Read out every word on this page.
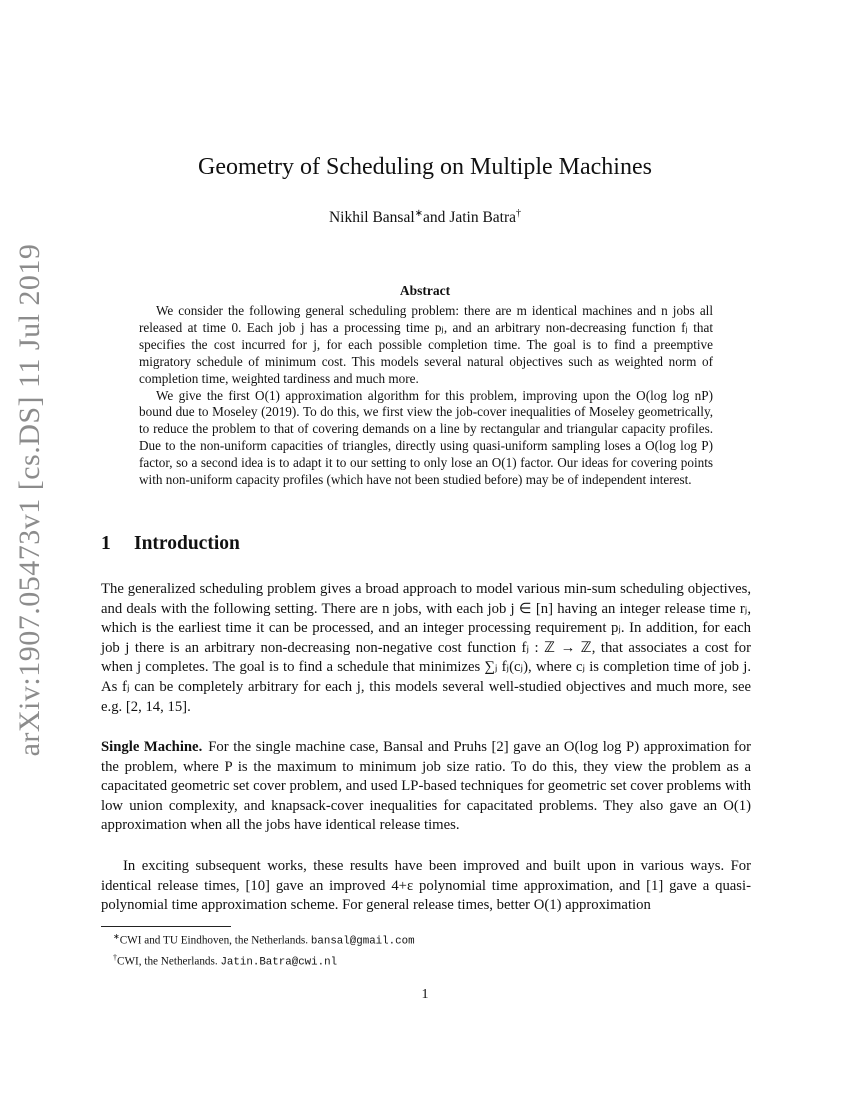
arXiv:1907.05473v1 [cs.DS] 11 Jul 2019
Geometry of Scheduling on Multiple Machines
Nikhil Bansal∗and Jatin Batra†
Abstract

We consider the following general scheduling problem: there are m identical machines and n jobs all released at time 0. Each job j has a processing time pⱼ, and an arbitrary non-decreasing function fⱼ that specifies the cost incurred for j, for each possible completion time. The goal is to find a preemptive migratory schedule of minimum cost. This models several natural objectives such as weighted norm of completion time, weighted tardiness and much more.

We give the first O(1) approximation algorithm for this problem, improving upon the O(log log nP) bound due to Moseley (2019). To do this, we first view the job-cover inequalities of Moseley geometrically, to reduce the problem to that of covering demands on a line by rectangular and triangular capacity profiles. Due to the non-uniform capacities of triangles, directly using quasi-uniform sampling loses a O(log log P) factor, so a second idea is to adapt it to our setting to only lose an O(1) factor. Our ideas for covering points with non-uniform capacity profiles (which have not been studied before) may be of independent interest.

1 Introduction

The generalized scheduling problem gives a broad approach to model various min-sum scheduling objectives, and deals with the following setting. There are n jobs, with each job j ∈ [n] having an integer release time rⱼ, which is the earliest time it can be processed, and an integer processing requirement pⱼ. In addition, for each job j there is an arbitrary non-decreasing non-negative cost function fⱼ : ℤ → ℤ, that associates a cost for when j completes. The goal is to find a schedule that minimizes ∑ⱼ fⱼ(cⱼ), where cⱼ is completion time of job j. As fⱼ can be completely arbitrary for each j, this models several well-studied objectives and much more, see e.g. [2, 14, 15].

Single Machine. For the single machine case, Bansal and Pruhs [2] gave an O(log log P) approximation for the problem, where P is the maximum to minimum job size ratio. To do this, they view the problem as a capacitated geometric set cover problem, and used LP-based techniques for geometric set cover problems with low union complexity, and knapsack-cover inequalities for capacitated problems. They also gave an O(1) approximation when all the jobs have identical release times.

In exciting subsequent works, these results have been improved and built upon in various ways. For identical release times, [10] gave an improved 4+ε polynomial time approximation, and [1] gave a quasi-polynomial time approximation scheme. For general release times, better O(1) approximation

∗CWI and TU Eindhoven, the Netherlands. bansal@gmail.com

†CWI, the Netherlands. Jatin.Batra@cwi.nl

1
